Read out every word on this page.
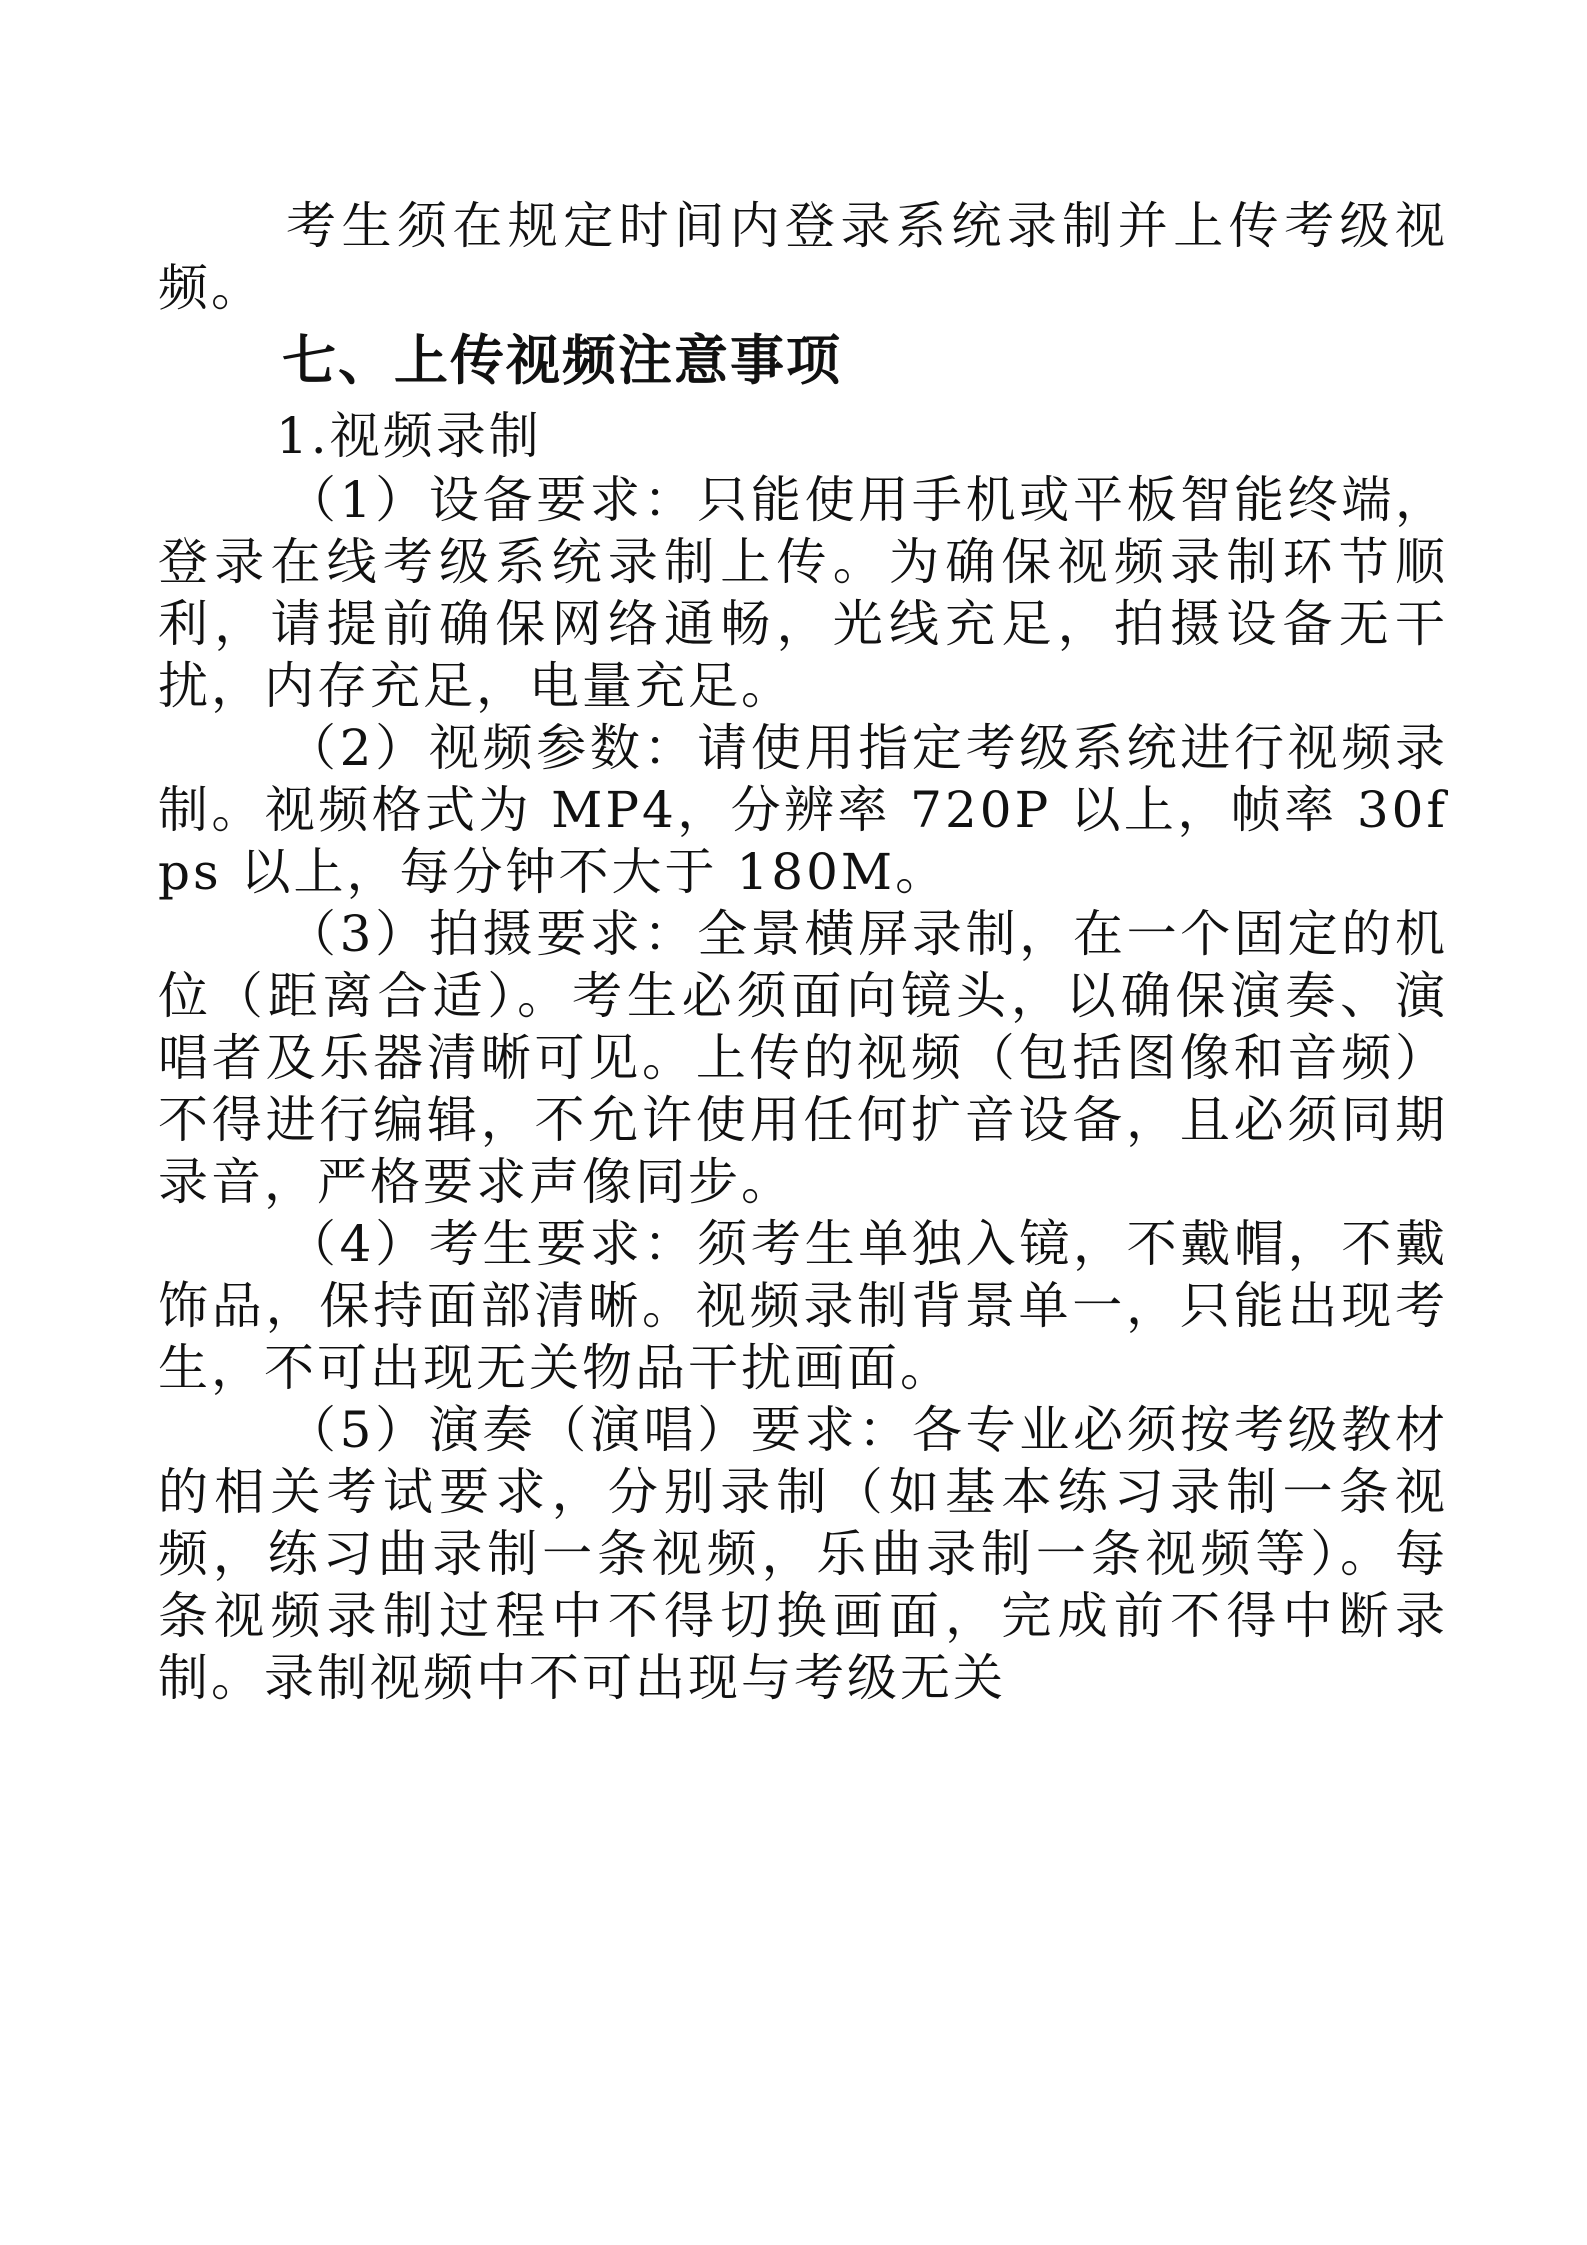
考生须在规定时间内登录系统录制并上传考级视频。

七、上传视频注意事项

1.视频录制

（1）设备要求：只能使用手机或平板智能终端，登录在线考级系统录制上传。为确保视频录制环节顺利，请提前确保网络通畅，光线充足，拍摄设备无干扰，内存充足，电量充足。

（2）视频参数：请使用指定考级系统进行视频录制。视频格式为 MP4，分辨率 720P 以上，帧率 30fps 以上，每分钟不大于 180M。

（3）拍摄要求：全景横屏录制，在一个固定的机位（距离合适）。考生必须面向镜头，以确保演奏、演唱者及乐器清晰可见。上传的视频（包括图像和音频）不得进行编辑，不允许使用任何扩音设备，且必须同期录音，严格要求声像同步。

（4）考生要求：须考生单独入镜，不戴帽，不戴饰品，保持面部清晰。视频录制背景单一，只能出现考生，不可出现无关物品干扰画面。

（5）演奏（演唱）要求：各专业必须按考级教材的相关考试要求，分别录制（如基本练习录制一条视频，练习曲录制一条视频，乐曲录制一条视频等）。每条视频录制过程中不得切换画面，完成前不得中断录制。录制视频中不可出现与考级无关
